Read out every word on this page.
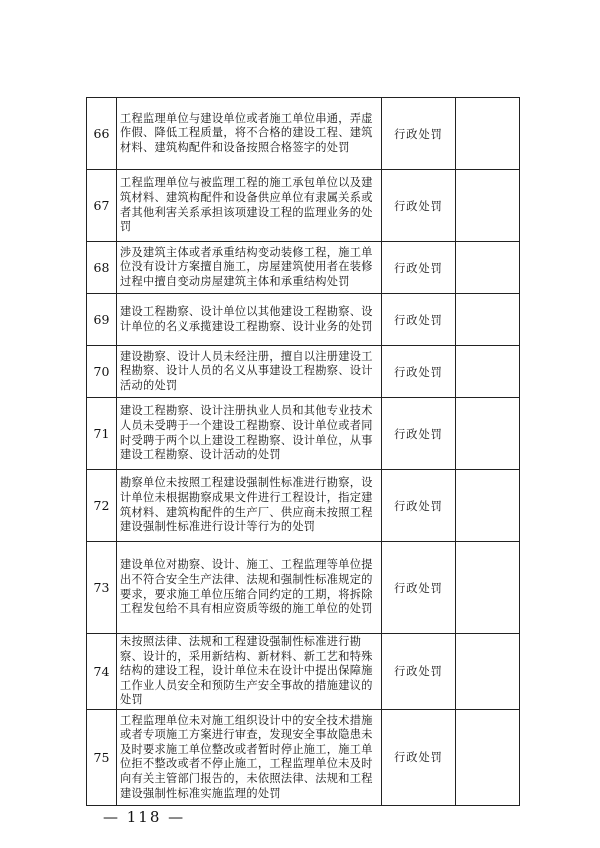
66	工程监理单位与建设单位或者施工单位串通，弄虚作假、降低工程质量，将不合格的建设工程、建筑材料、建筑构配件和设备按照合格签字的处罚	行政处罚	
67	工程监理单位与被监理工程的施工承包单位以及建筑材料、建筑构配件和设备供应单位有隶属关系或者其他利害关系承担该项建设工程的监理业务的处罚	行政处罚	
68	涉及建筑主体或者承重结构变动装修工程，施工单位没有设计方案擅自施工，房屋建筑使用者在装修过程中擅自变动房屋建筑主体和承重结构处罚	行政处罚	
69	建设工程勘察、设计单位以其他建设工程勘察、设计单位的名义承揽建设工程勘察、设计业务的处罚	行政处罚	
70	建设勘察、设计人员未经注册，擅自以注册建设工程勘察、设计人员的名义从事建设工程勘察、设计活动的处罚	行政处罚	
71	建设工程勘察、设计注册执业人员和其他专业技术人员未受聘于一个建设工程勘察、设计单位或者同时受聘于两个以上建设工程勘察、设计单位，从事建设工程勘察、设计活动的处罚	行政处罚	
72	勘察单位未按照工程建设强制性标准进行勘察，设计单位未根据勘察成果文件进行工程设计，指定建筑材料、建筑构配件的生产厂、供应商未按照工程建设强制性标准进行设计等行为的处罚	行政处罚	
73	建设单位对勘察、设计、施工、工程监理等单位提出不符合安全生产法律、法规和强制性标准规定的要求，要求施工单位压缩合同约定的工期，将拆除工程发包给不具有相应资质等级的施工单位的处罚	行政处罚	
74	未按照法律、法规和工程建设强制性标准进行勘察、设计的，采用新结构、新材料、新工艺和特殊结构的建设工程，设计单位未在设计中提出保障施工作业人员安全和预防生产安全事故的措施建议的处罚	行政处罚	
75	工程监理单位未对施工组织设计中的安全技术措施或者专项施工方案进行审查，发现安全事故隐患未及时要求施工单位整改或者暂时停止施工，施工单位拒不整改或者不停止施工，工程监理单位未及时向有关主管部门报告的，未依照法律、法规和工程建设强制性标准实施监理的处罚	行政处罚	
— 118 —
